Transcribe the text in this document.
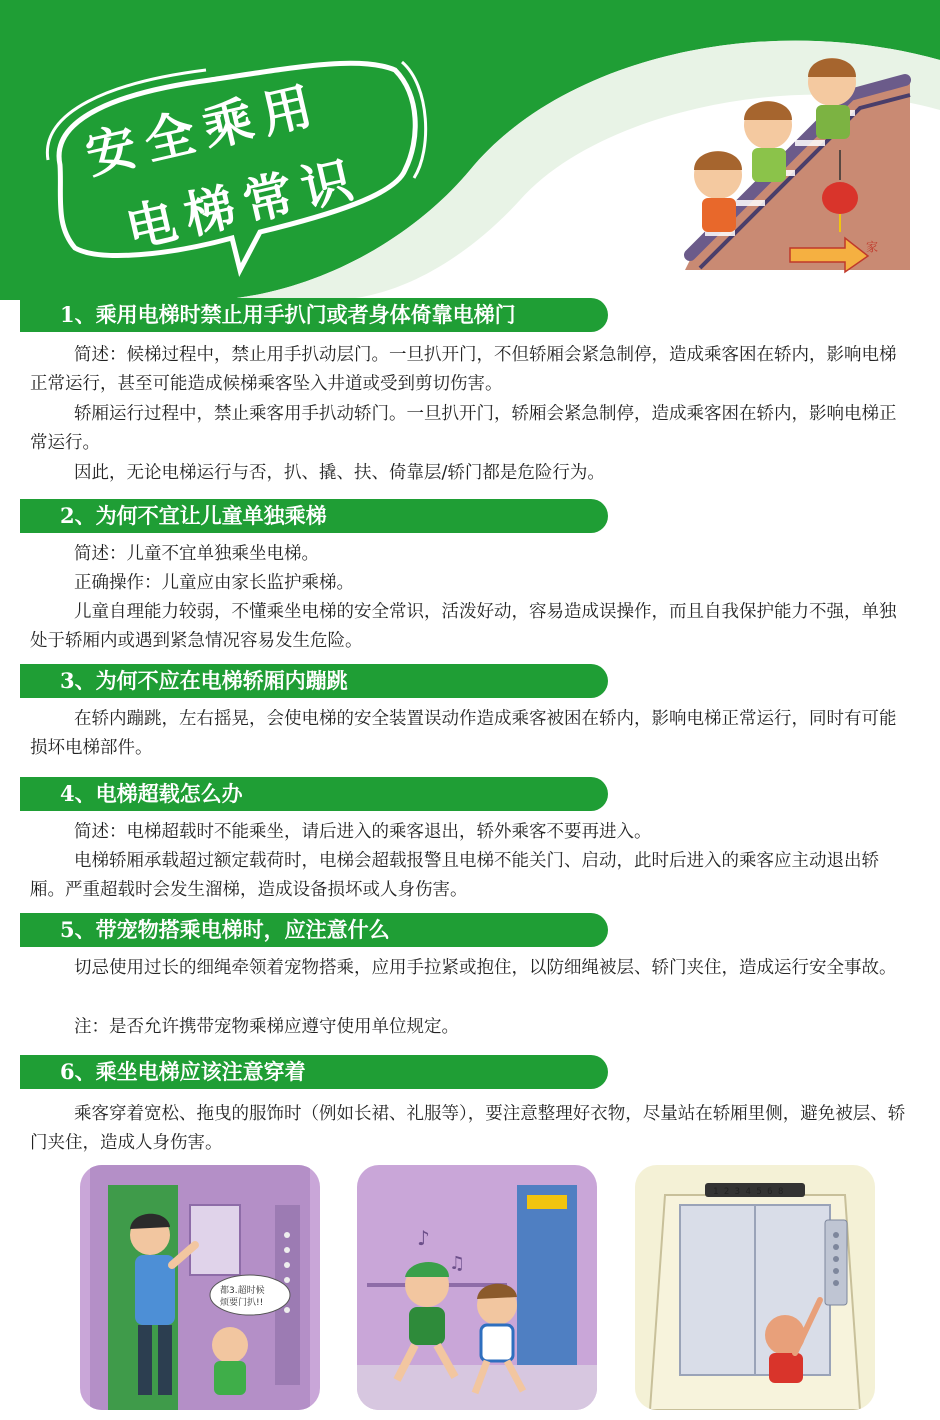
安全乘用
电梯常识	家
1、乘用电梯时禁止用手扒门或者身体倚靠电梯门

简述：候梯过程中，禁止用手扒动层门。一旦扒开门，不但轿厢会紧急制停，造成乘客困在轿内，影响电梯正常运行，甚至可能造成候梯乘客坠入井道或受到剪切伤害。

轿厢运行过程中，禁止乘客用手扒动轿门。一旦扒开门，轿厢会紧急制停，造成乘客困在轿内，影响电梯正常运行。

因此，无论电梯运行与否，扒、撬、扶、倚靠层/轿门都是危险行为。

2、为何不宜让儿童单独乘梯

简述：儿童不宜单独乘坐电梯。

正确操作：儿童应由家长监护乘梯。

儿童自理能力较弱，不懂乘坐电梯的安全常识，活泼好动，容易造成误操作，而且自我保护能力不强，单独处于轿厢内或遇到紧急情况容易发生危险。

3、为何不应在电梯轿厢内蹦跳

在轿内蹦跳，左右摇晃，会使电梯的安全装置误动作造成乘客被困在轿内，影响电梯正常运行，同时有可能损坏电梯部件。

4、电梯超载怎么办

简述：电梯超载时不能乘坐，请后进入的乘客退出，轿外乘客不要再进入。

电梯轿厢承载超过额定载荷时，电梯会超载报警且电梯不能关门、启动，此时后进入的乘客应主动退出轿厢。严重超载时会发生溜梯，造成设备损坏或人身伤害。

5、带宠物搭乘电梯时，应注意什么

切忌使用过长的细绳牵领着宠物搭乘，应用手拉紧或抱住，以防细绳被层、轿门夹住，造成运行安全事故。

注：是否允许携带宠物乘梯应遵守使用单位规定。

6、乘坐电梯应该注意穿着

乘客穿着宽松、拖曳的服饰时（例如长裙、礼服等），要注意整理好衣物，尽量站在轿厢里侧，避免被层、轿门夹住，造成人身伤害。

都3.超时候
烦要门扒!!
♪
♫
1 2 3 4 5 6 8
